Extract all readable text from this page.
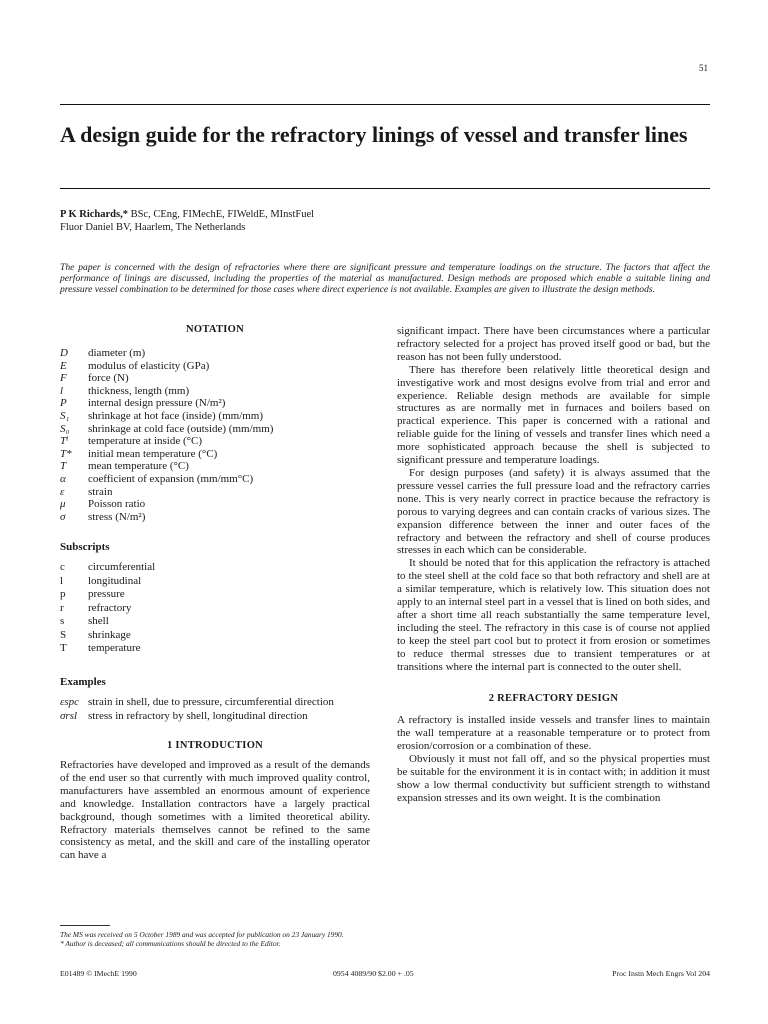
51
A design guide for the refractory linings of vessel and transfer lines
P K Richards,* BSc, CEng, FIMechE, FIWeldE, MInstFuel
Fluor Daniel BV, Haarlem, The Netherlands

The paper is concerned with the design of refractories where there are significant pressure and temperature loadings on the structure. The factors that affect the performance of linings are discussed, including the properties of the material as manufactured. Design methods are proposed which enable a suitable lining and pressure vessel combination to be determined for those cases where direct experience is not available. Examples are given to illustrate the design methods.

NOTATION

D	diameter (m)
E	modulus of elasticity (GPa)
F	force (N)
l	thickness, length (mm)
P	internal design pressure (N/m²)
S₁	shrinkage at hot face (inside) (mm/mm)
S₀	shrinkage at cold face (outside) (mm/mm)
Tⁱ	temperature at inside (°C)
T*	initial mean temperature (°C)
T	mean temperature (°C)
α	coefficient of expansion (mm/mm°C)
ε	strain
μ	Poisson ratio
σ	stress (N/m²)

Subscripts

c	circumferential
l	longitudinal
p	pressure
r	refractory
s	shell
S	shrinkage
T	temperature

Examples

εspc strain in shell, due to pressure, circumferential direction
σrsl stress in refractory by shell, longitudinal direction

1 INTRODUCTION

Refractories have developed and improved as a result of the demands of the end user so that currently with much improved quality control, manufacturers have assembled an enormous amount of experience and knowledge. Installation contractors have a largely practical background, though sometimes with a limited theoretical ability. Refractory materials themselves cannot be refined to the same consistency as metal, and the skill and care of the installing operator can have a

significant impact. There have been circumstances where a particular refractory selected for a project has proved itself good or bad, but the reason has not been fully understood.

There has therefore been relatively little theoretical design and investigative work and most designs evolve from trial and error and experience. Reliable design methods are available for simple structures as are normally met in furnaces and boilers based on practical experience. This paper is concerned with a rational and reliable guide for the lining of vessels and transfer lines which need a more sophisticated approach because the shell is subjected to significant pressure and temperature loadings.

For design purposes (and safety) it is always assumed that the pressure vessel carries the full pressure load and the refractory carries none. This is very nearly correct in practice because the refractory is porous to varying degrees and can contain cracks of various sizes. The expansion difference between the inner and outer faces of the refractory and between the refractory and shell of course produces stresses in each which can be considerable.

It should be noted that for this application the refractory is attached to the steel shell at the cold face so that both refractory and shell are at a similar temperature, which is relatively low. This situation does not apply to an internal steel part in a vessel that is lined on both sides, and after a short time all reach substantially the same temperature level, including the steel. The refractory in this case is of course not applied to keep the steel part cool but to protect it from erosion or sometimes to reduce thermal stresses due to transient temperatures or at transitions where the internal part is connected to the outer shell.

2 REFRACTORY DESIGN

A refractory is installed inside vessels and transfer lines to maintain the wall temperature at a reasonable temperature or to protect from erosion/corrosion or a combination of these.

Obviously it must not fall off, and so the physical properties must be suitable for the environment it is in contact with; in addition it must show a low thermal conductivity but sufficient strength to withstand expansion stresses and its own weight. It is the combination

The MS was received on 5 October 1989 and was accepted for publication on 23 January 1990.

* Author is deceased; all communications should be directed to the Editor.

E01489 © IMechE 1990	0954 4089/90 $2.00 + .05	Proc Instn Mech Engrs Vol 204
